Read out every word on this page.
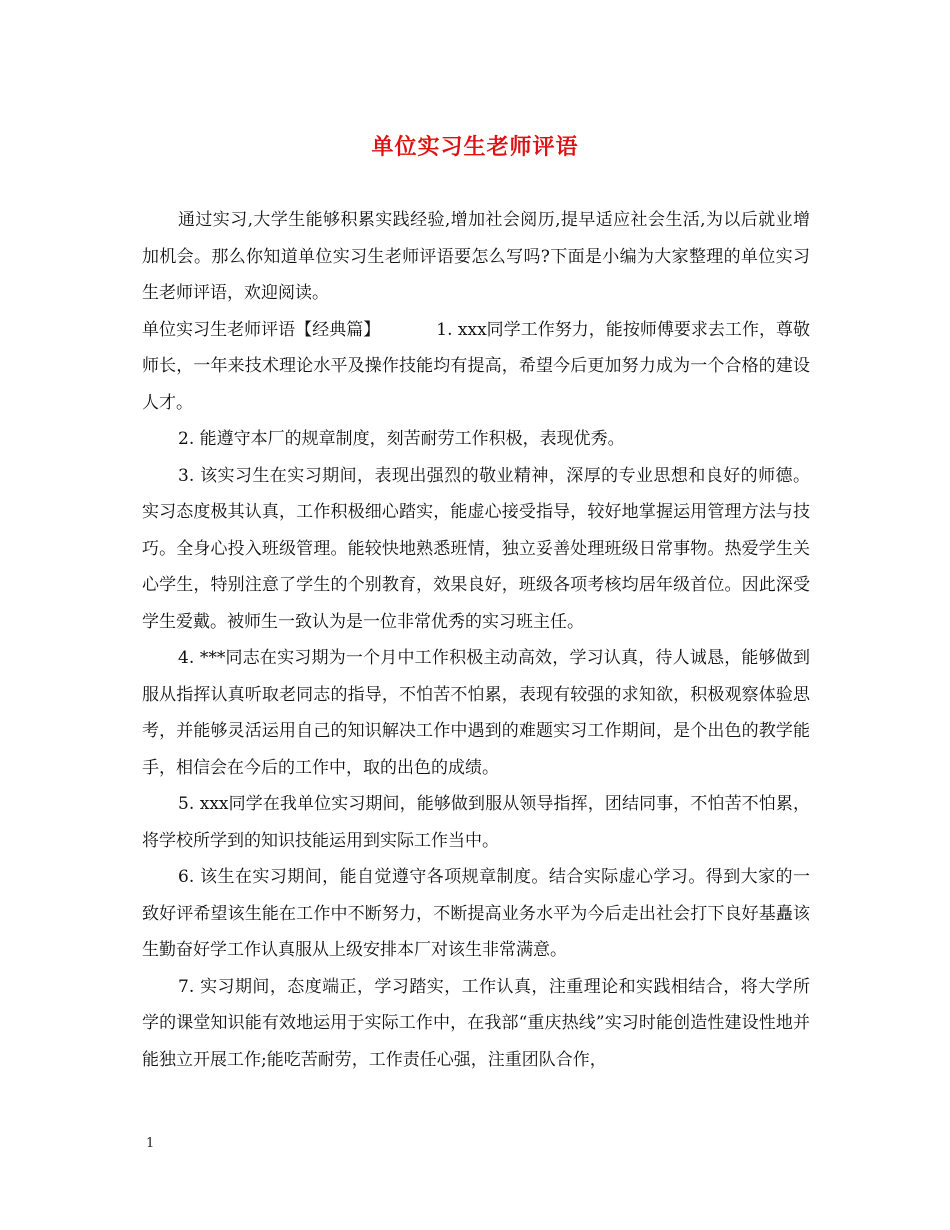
单位实习生老师评语

通过实习,大学生能够积累实践经验,增加社会阅历,提早适应社会生活,为以后就业增加机会。那么你知道单位实习生老师评语要怎么写吗?下面是小编为大家整理的单位实习生老师评语，欢迎阅读。

单位实习生老师评语【经典篇】	1. xxx同学工作努力，能按师傅要求去工作，尊敬师长，一年来技术理论水平及操作技能均有提高，希望今后更加努力成为一个合格的建设人才。

2. 能遵守本厂的规章制度，刻苦耐劳工作积极，表现优秀。

3. 该实习生在实习期间，表现出强烈的敬业精神，深厚的专业思想和良好的师德。实习态度极其认真，工作积极细心踏实，能虚心接受指导，较好地掌握运用管理方法与技巧。全身心投入班级管理。能较快地熟悉班情，独立妥善处理班级日常事物。热爱学生关心学生，特别注意了学生的个别教育，效果良好，班级各项考核均居年级首位。因此深受学生爱戴。被师生一致认为是一位非常优秀的实习班主任。

4. ***同志在实习期为一个月中工作积极主动高效，学习认真，待人诚恳，能够做到服从指挥认真听取老同志的指导，不怕苦不怕累，表现有较强的求知欲，积极观察体验思考，并能够灵活运用自己的知识解决工作中遇到的难题实习工作期间，是个出色的教学能手，相信会在今后的工作中，取的出色的成绩。

5. xxx同学在我单位实习期间，能够做到服从领导指挥，团结同事，不怕苦不怕累，将学校所学到的知识技能运用到实际工作当中。

6. 该生在实习期间，能自觉遵守各项规章制度。结合实际虚心学习。得到大家的一致好评希望该生能在工作中不断努力，不断提高业务水平为今后走出社会打下良好基矗该生勤奋好学工作认真服从上级安排本厂对该生非常满意。

7. 实习期间，态度端正，学习踏实，工作认真，注重理论和实践相结合，将大学所学的课堂知识能有效地运用于实际工作中，在我部“重庆热线”实习时能创造性建设性地并能独立开展工作;能吃苦耐劳，工作责任心强，注重团队合作，

1
